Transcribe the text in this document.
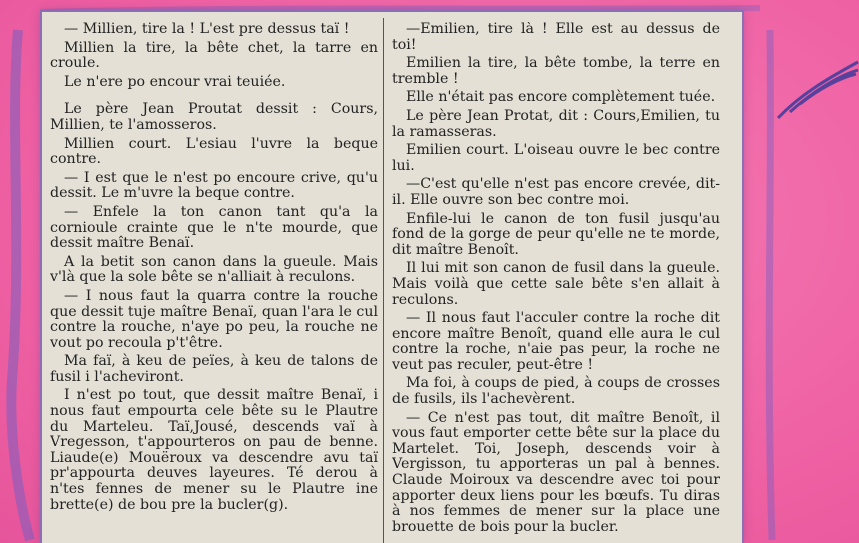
— Millien, tire la ! L'est pre dessus taï !

Millien la tire, la bête chet, la tarre en croule.

Le n'ere po encour vrai teuiée.

Le père Jean Proutat dessit : Cours, Millien, te l'amosseros.

Millien court. L'esiau l'uvre la beque contre.

— I est que le n'est po encoure crive, qu'u dessit. Le m'uvre la beque contre.

— Enfele la ton canon tant qu'a la cornioule crainte que le n'te mourde, que dessit maître Benaï.

A la betit son canon dans la gueule. Mais v'là que la sole bête se n'alliait à reculons.

— I nous faut la quarra contre la rouche que dessit tuje maître Benaï, quan l'ara le cul contre la rouche, n'aye po peu, la rouche ne vout po recoula p't'être.

Ma faï, à keu de peïes, à keu de talons de fusil i l'acheviront.

I n'est po tout, que dessit maître Benaï, i nous faut empourta cele bête su le Plautre du Marteleu. Taï,Jousé, descends vaï à Vregesson, t'appourteros on pau de benne. Liaude(e) Mouëroux va descendre avu taï pr'appourta deuves layeures. Té derou à n'tes fennes de mener su le Plautre ine brette(e) de bou pre la bucler(g).

—Emilien, tire là ! Elle est au dessus de toi!

Emilien la tire, la bête tombe, la terre en tremble !

Elle n'était pas encore complètement tuée.

Le père Jean Protat, dit : Cours,Emilien, tu la ramasseras.

Emilien court. L'oiseau ouvre le bec contre lui.

—C'est qu'elle n'est pas encore crevée, dit-il. Elle ouvre son bec contre moi.

Enfile-lui le canon de ton fusil jusqu'au fond de la gorge de peur qu'elle ne te morde, dit maître Benoît.

Il lui mit son canon de fusil dans la gueule. Mais voilà que cette sale bête s'en allait à reculons.

— Il nous faut l'acculer contre la roche dit encore maître Benoît, quand elle aura le cul contre la roche, n'aie pas peur, la roche ne veut pas reculer, peut-être !

Ma foi, à coups de pied, à coups de crosses de fusils, ils l'achevèrent.

— Ce n'est pas tout, dit maître Benoît, il vous faut emporter cette bête sur la place du Martelet. Toi, Joseph, descends voir à Vergisson, tu apporteras un pal à bennes. Claude Moiroux va descendre avec toi pour apporter deux liens pour les bœufs. Tu diras à nos femmes de mener sur la place une brouette de bois pour la bucler.
